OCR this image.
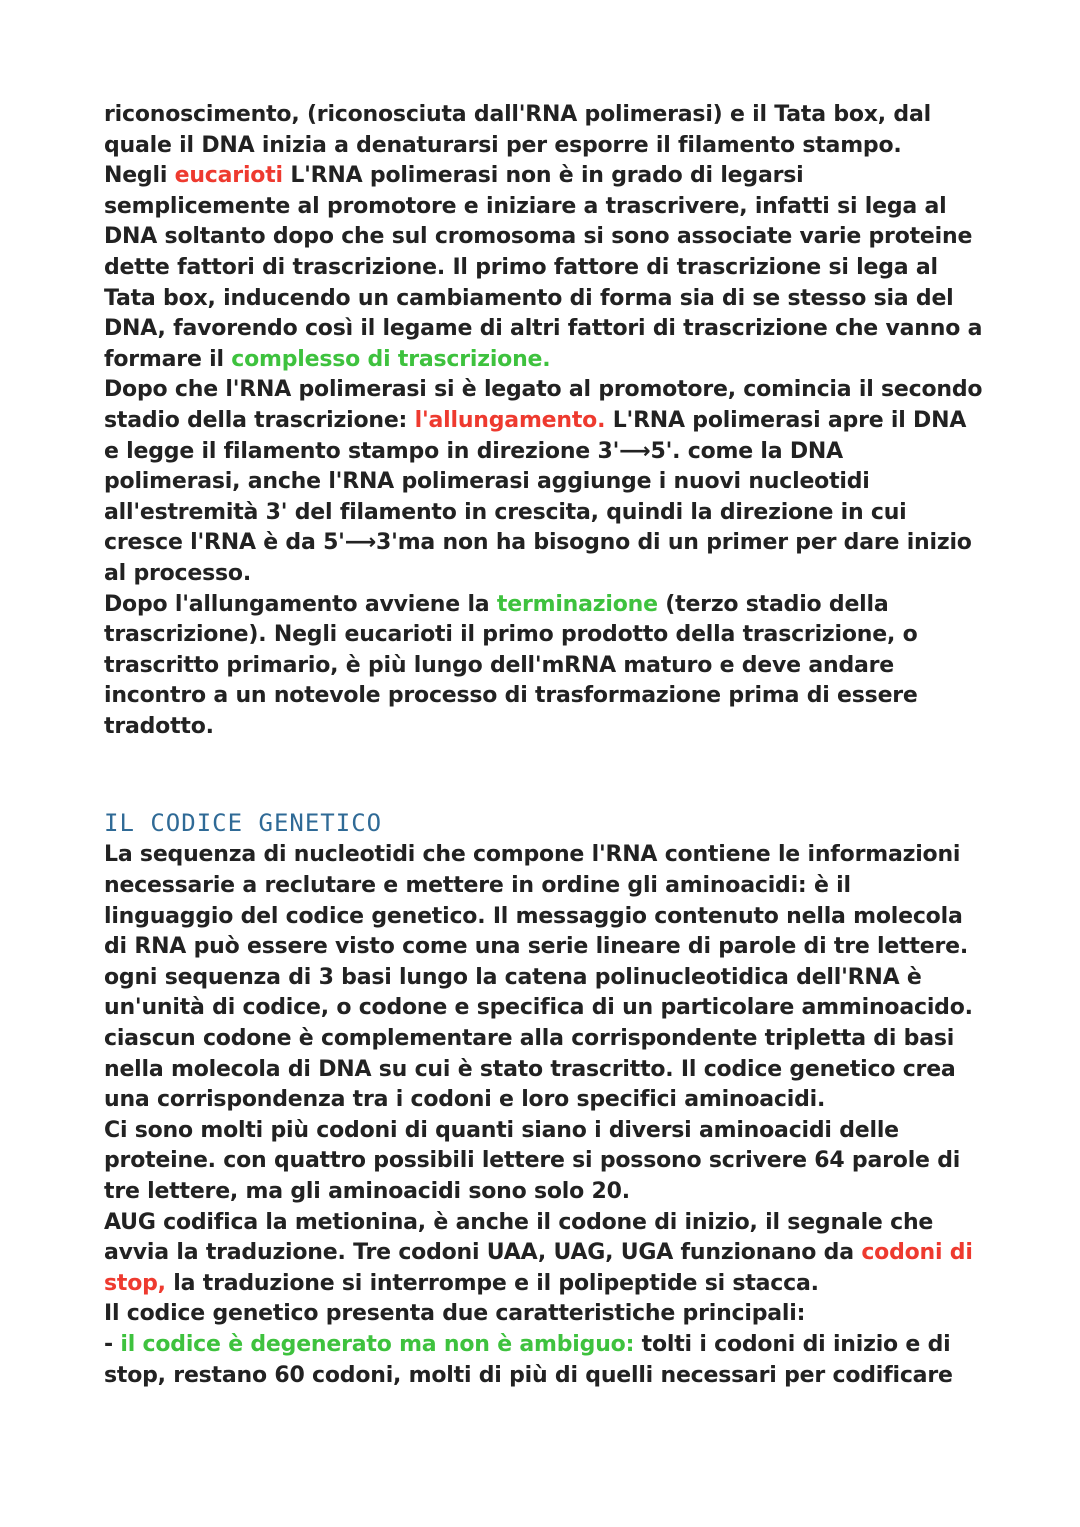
riconoscimento, (riconosciuta dall'RNA polimerasi) e il Tata box, dal quale il DNA inizia a denaturarsi per esporre il filamento stampo.
Negli eucarioti L'RNA polimerasi non è in grado di legarsi semplicemente al promotore e iniziare a trascrivere, infatti si lega al DNA soltanto dopo che sul cromosoma si sono associate varie proteine dette fattori di trascrizione. Il primo fattore di trascrizione si lega al Tata box, inducendo un cambiamento di forma sia di se stesso sia del DNA, favorendo così il legame di altri fattori di trascrizione che vanno a formare il complesso di trascrizione.
Dopo che l'RNA polimerasi si è legato al promotore, comincia il secondo stadio della trascrizione: l'allungamento. L'RNA polimerasi apre il DNA e legge il filamento stampo in direzione 3'⟶5'. come la DNA polimerasi, anche l'RNA polimerasi aggiunge i nuovi nucleotidi all'estremità 3' del filamento in crescita, quindi la direzione in cui cresce l'RNA è da 5'⟶3'ma non ha bisogno di un primer per dare inizio al processo.
Dopo l'allungamento avviene la terminazione (terzo stadio della trascrizione). Negli eucarioti il primo prodotto della trascrizione, o trascritto primario, è più lungo dell'mRNA maturo e deve andare incontro a un notevole processo di trasformazione prima di essere tradotto.

IL CODICE GENETICO

La sequenza di nucleotidi che compone l'RNA contiene le informazioni necessarie a reclutare e mettere in ordine gli aminoacidi: è il linguaggio del codice genetico. Il messaggio contenuto nella molecola di RNA può essere visto come una serie lineare di parole di tre lettere. ogni sequenza di 3 basi lungo la catena polinucleotidica dell'RNA è un'unità di codice, o codone e specifica di un particolare amminoacido. ciascun codone è complementare alla corrispondente tripletta di basi nella molecola di DNA su cui è stato trascritto. Il codice genetico crea una corrispondenza tra i codoni e loro specifici aminoacidi.
Ci sono molti più codoni di quanti siano i diversi aminoacidi delle proteine. con quattro possibili lettere si possono scrivere 64 parole di tre lettere, ma gli aminoacidi sono solo 20.
AUG codifica la metionina, è anche il codone di inizio, il segnale che avvia la traduzione. Tre codoni UAA, UAG, UGA funzionano da codoni di stop, la traduzione si interrompe e il polipeptide si stacca.
Il codice genetico presenta due caratteristiche principali:
- il codice è degenerato ma non è ambiguo: tolti i codoni di inizio e di stop, restano 60 codoni, molti di più di quelli necessari per codificare
